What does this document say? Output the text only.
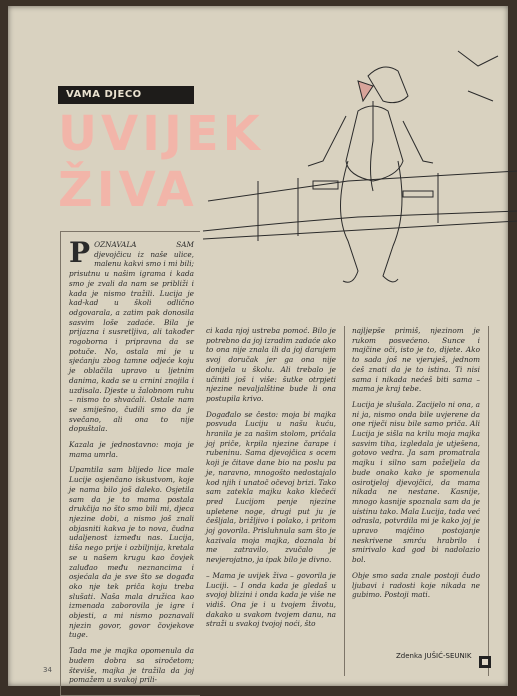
VAMA DJECO
UVIJEK
ŽIVA
P OZNAVALA SAM djevojčicu iz naše ulice, malenu kakvi smo i mi bili; prisutnu u našim igrama i kada smo je zvali da nam se približi i kada je nismo tražili. Lucija je kad-kad u školi odlično odgovarala, a zatim pak donosila sasvim loše zadaće. Bila je prijazna i susretljiva, ali također rogoborna i pripravna da se potuče. No, ostala mi je u sjećanju zbog tamne odjeće koju je oblačila upravo u ljetnim danima, kada se u crnini znojila i uzdisala. Djeste u žalobnom ruhu – nismo to shvaćali. Ostale nam se smiješno, čudili smo da je svečano, ali ona to nije dopuštala.

Kazala je jednostavno: moja je mama umrla.

Upamtila sam blijedo lice male Lucije osjenčano iskustvom, koje je nama bilo još daleko. Osjetila sam da je to mama postala drukčija no što smo bili mi, djeca njezine dobi, a nismo još znali objasniti kakva je to nova, čudna udaljenost između nas. Lucija, tiša nego prije i ozbiljnija, kretala se u našem krugu kao čovjek zaluđao među neznancima i osjećala da je sve što se događa oko nje tek priča koju treba slušati. Naša mala družica kao izmenada zaborovila je igre i objesti, a mi nismo poznavali njezin govor, govor čovjekove tuge.

Tada me je majka opomenula da budem dobra sa siročetom; števiše, majka je tražila da joj pomažem u svakoj prili-

ci kada njoj ustreba pomoć. Bilo je potrebno da joj izradim zadaće ako to ona nije znala ili da joj darujem svoj doručak jer ga ona nije donijela u školu. Ali trebalo je učiniti još i više: šutke otrpjeti njezine nevaljalštine bude li ona postupila krivo.

Događalo se često: moja bi majka posvuda Luciju u našu kuću, hranila je za našim stolom, pričala joj priče, krpila njezine čarape i rubeninu. Sama djevojčica s ocem koji je čitave dane bio na poslu pa je, naravno, mnogošto nedostajalo kod njih i unatoč očevoj brizi. Tako sam zatekla majku kako klečeći pred Lucijom penje njezine upletene noge, drugi put ju je češljala, brižljivo i polako, i pritom joj govorila. Prisluhnula sam što je kazivala moja majka, doznala bi me zatravilo, zvučalo je nevjerojatno, ja ipak bilo je divno.

– Mama je uvijek živa – govorila je Luciji. – I onda kada je gledaš u svojoj blizini i onda kada je više ne vidiš. Ona je i u tvojem životu, dakako u svakom tvojem danu, na straži u svakoj tvojoj noći, što

najljepše primiš, njezinom je rukom posvećeno. Sunce i majčine oči, isto je to, dijete. Ako to sada još ne vjeruješ, jednom ćeš znati da je to istina. Ti nisi sama i nikada nećeš biti sama – mama je kraj tebe.

Lucija je slušala. Zacijelo ni ona, a ni ja, nismo onda bile uvjerene da one riječi nisu bile samo priča. Ali Lucija je sišla na krilu moja majka sasvim tiha, izgledala je utješena, gotovo vedra. Ja sam promatrala majku i silno sam poželjela da bude onako kako je spomenula osirotjeloj djevojčici, da mama nikada ne nestane. Kasnije, mnogo kasnije spoznala sam da je uistinu tako. Mala Lucija, tada već odrasla, potvrdila mi je kako joj je upravo majčino postojanje neskrivene smrću hrabrilo i smirivalo kad god bi nadolazio bol.

Obje smo sada znale postoji čudo ljubavi i radosti koje nikada ne gubimo. Postoji mati.

Zdenka JUŠIĆ-SEUNIK
34
